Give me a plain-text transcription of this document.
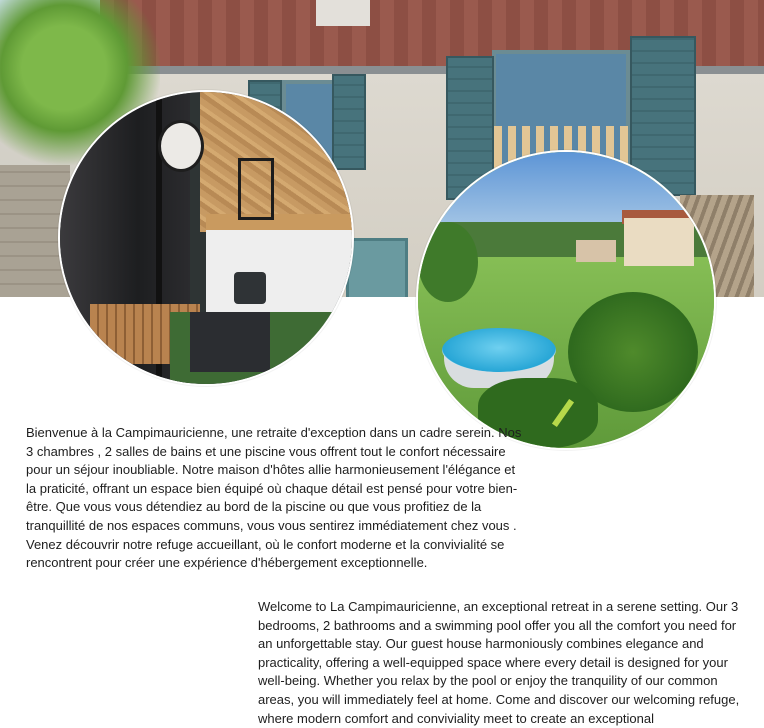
Bienvenue à la Campimauricienne, une retraite d'exception dans un cadre serein. Nos 3 chambres , 2 salles de bains et une piscine vous offrent tout le confort nécessaire pour un séjour inoubliable. Notre maison d'hôtes allie harmonieusement l'élégance et la praticité, offrant un espace bien équipé où chaque détail est pensé pour votre bien-être. Que vous vous détendiez au bord de la piscine ou que vous profitiez de la tranquillité de nos espaces communs, vous vous sentirez immédiatement chez vous . Venez découvrir notre refuge accueillant, où le confort moderne et la convivialité se rencontrent pour créer une expérience d'hébergement exceptionnelle.

Welcome to La Campimauricienne, an exceptional retreat in a serene setting. Our 3 bedrooms, 2 bathrooms and a swimming pool offer you all the comfort you need for an unforgettable stay. Our guest house harmoniously combines elegance and practicality, offering a well-equipped space where every detail is designed for your well-being. Whether you relax by the pool or enjoy the tranquility of our common areas, you will immediately feel at home. Come and discover our welcoming refuge, where modern comfort and conviviality meet to create an exceptional
